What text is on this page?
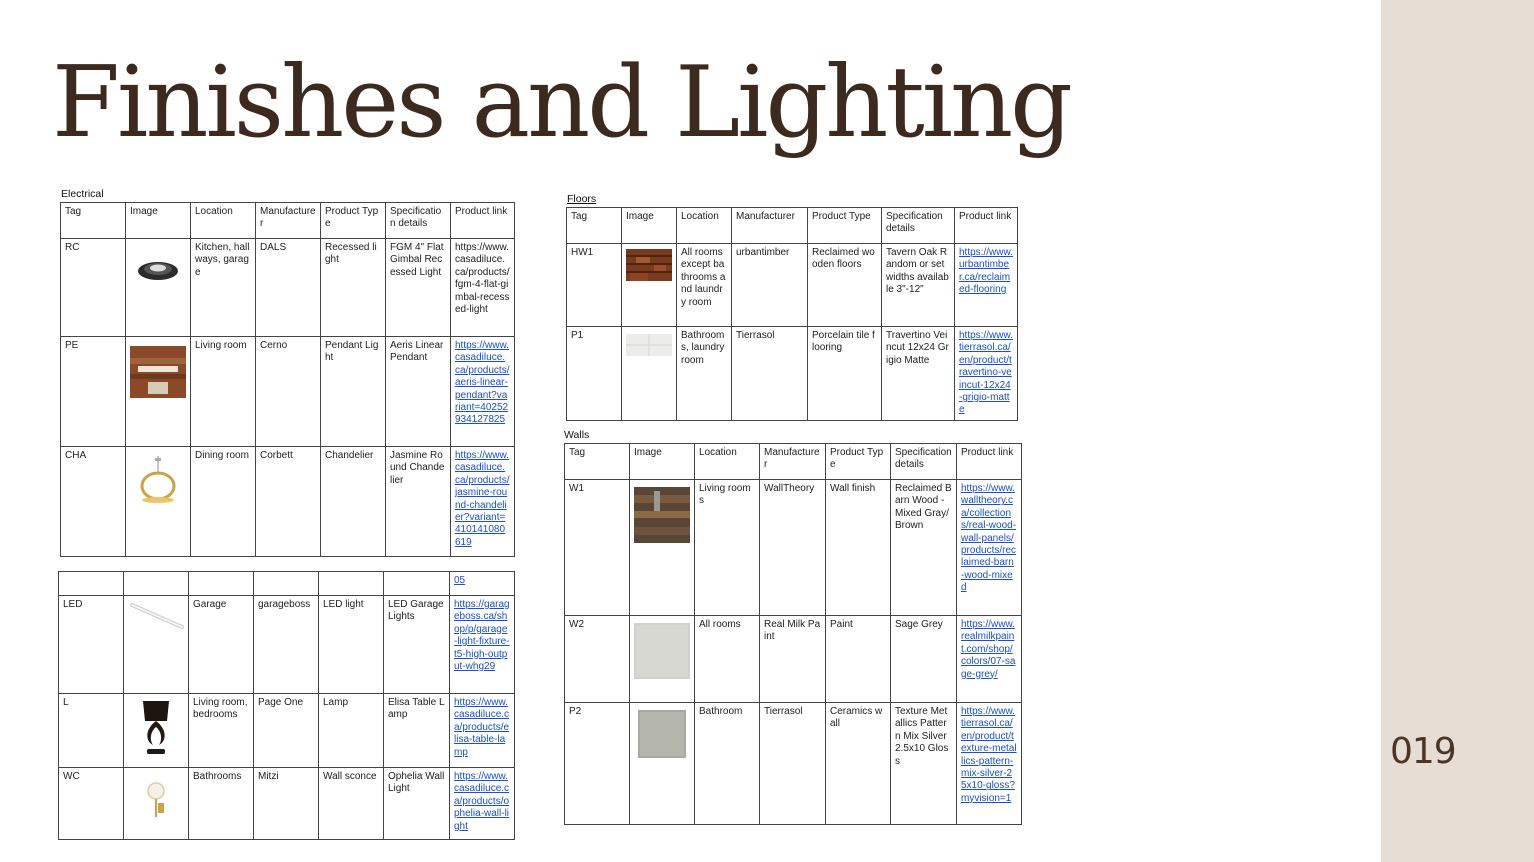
Finishes and Lighting
019
Electrical
Tag	Image	Location	Manufacturer	Product Type	Specification details	Product link
RC		Kitchen, hallways, garage	DALS	Recessed light	FGM 4" Flat Gimbal Recessed Light	https://www.casadiluce.ca/products/fgm-4-flat-gimbal-recessed-light
PE		Living room	Cerno	Pendant Light	Aeris Linear Pendant	https://www.casadiluce.ca/products/aeris-linear-pendant?variant=40252934127825
CHA		Dining room	Corbett	Chandelier	Jasmine Round Chandelier	https://www.casadiluce.ca/products/jasmine-round-chandelier?variant=410141080619
						05
LED		Garage	garageboss	LED light	LED Garage Lights	https://garageboss.ca/shop/p/garage-light-fixture-t5-high-output-whg29
L		Living room, bedrooms	Page One	Lamp	Elisa Table Lamp	https://www.casadiluce.ca/products/elisa-table-lamp
WC		Bathrooms	Mitzi	Wall sconce	Ophelia Wall Light	https://www.casadiluce.ca/products/ophelia-wall-light
Floors
Tag	Image	Location	Manufacturer	Product Type	Specification details	Product link
HW1		All rooms except bathrooms and laundry room	urbantimber	Reclaimed wooden floors	Tavern Oak Random or set widths available 3"-12"	https://www.urbantimber.ca/reclaimed-flooring
P1		Bathrooms, laundry room	Tierrasol	Porcelain tile flooring	Travertino Veincut 12x24 Grigio Matte	https://www.tierrasol.ca/en/product/travertino-veincut-12x24-grigio-matte
Walls
Tag	Image	Location	Manufacturer	Product Type	Specification details	Product link
W1		Living rooms	WallTheory	Wall finish	Reclaimed Barn Wood - Mixed Gray/Brown	https://www.walltheory.ca/collections/real-wood-wall-panels/products/reclaimed-barn-wood-mixed
W2		All rooms	Real Milk Paint	Paint	Sage Grey	https://www.realmilkpaint.com/shop/colors/07-sage-grey/
P2		Bathroom	Tierrasol	Ceramics wall	Texture Metallics Pattern Mix Silver 2.5x10 Gloss	https://www.tierrasol.ca/en/product/texture-metallics-pattern-mix-silver-25x10-gloss?myvision=1
